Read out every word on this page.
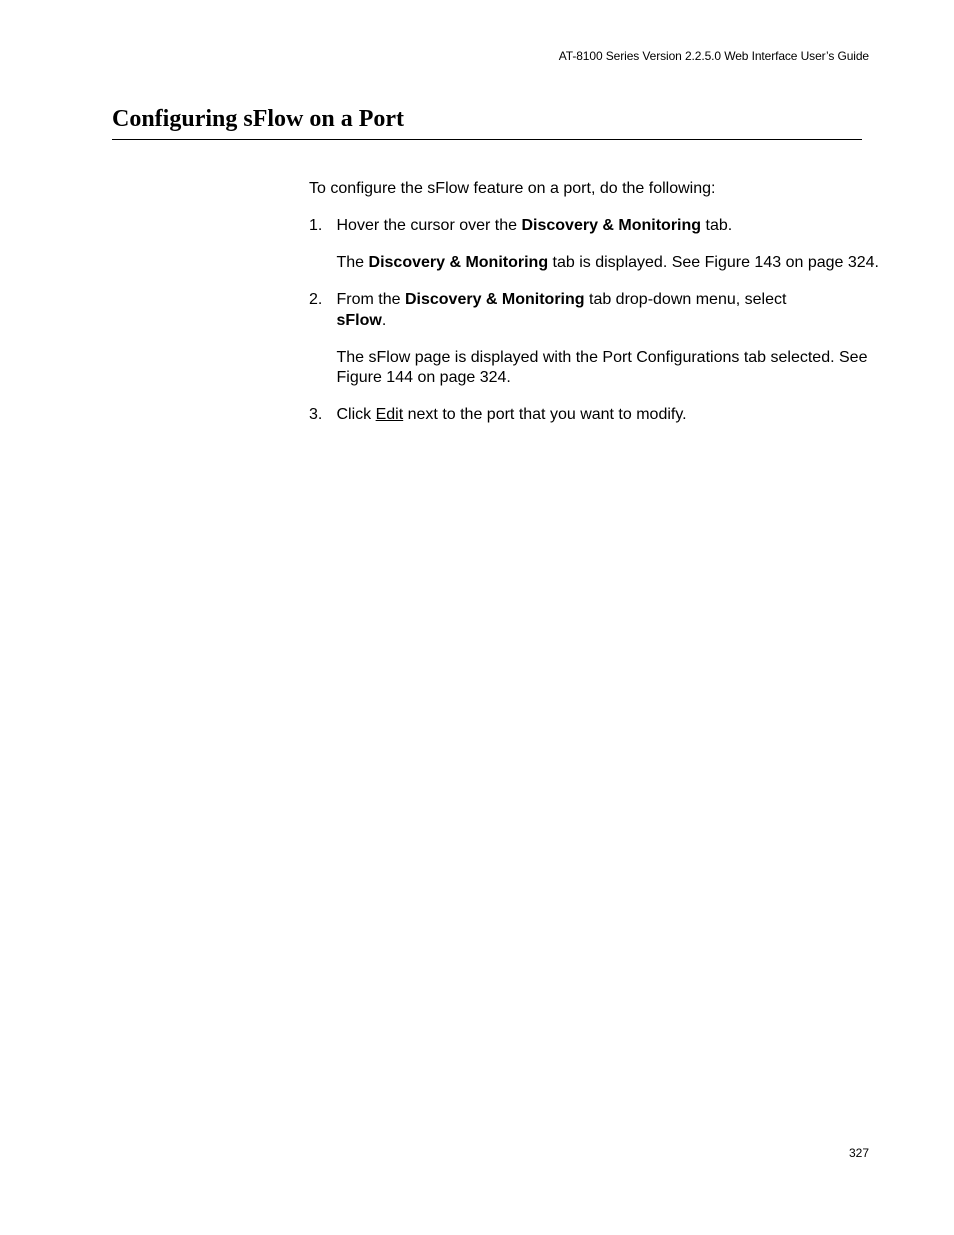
AT-8100 Series Version 2.2.5.0 Web Interface User’s Guide
Configuring sFlow on a Port

To configure the sFlow feature on a port, do the following:

1. Hover the cursor over the Discovery & Monitoring tab.

The Discovery & Monitoring tab is displayed. See Figure 143 on page 324.

2. From the Discovery & Monitoring tab drop-down menu, select
sFlow.

The sFlow page is displayed with the Port Configurations tab selected. See Figure 144 on page 324.

3. Click Edit next to the port that you want to modify.

327
